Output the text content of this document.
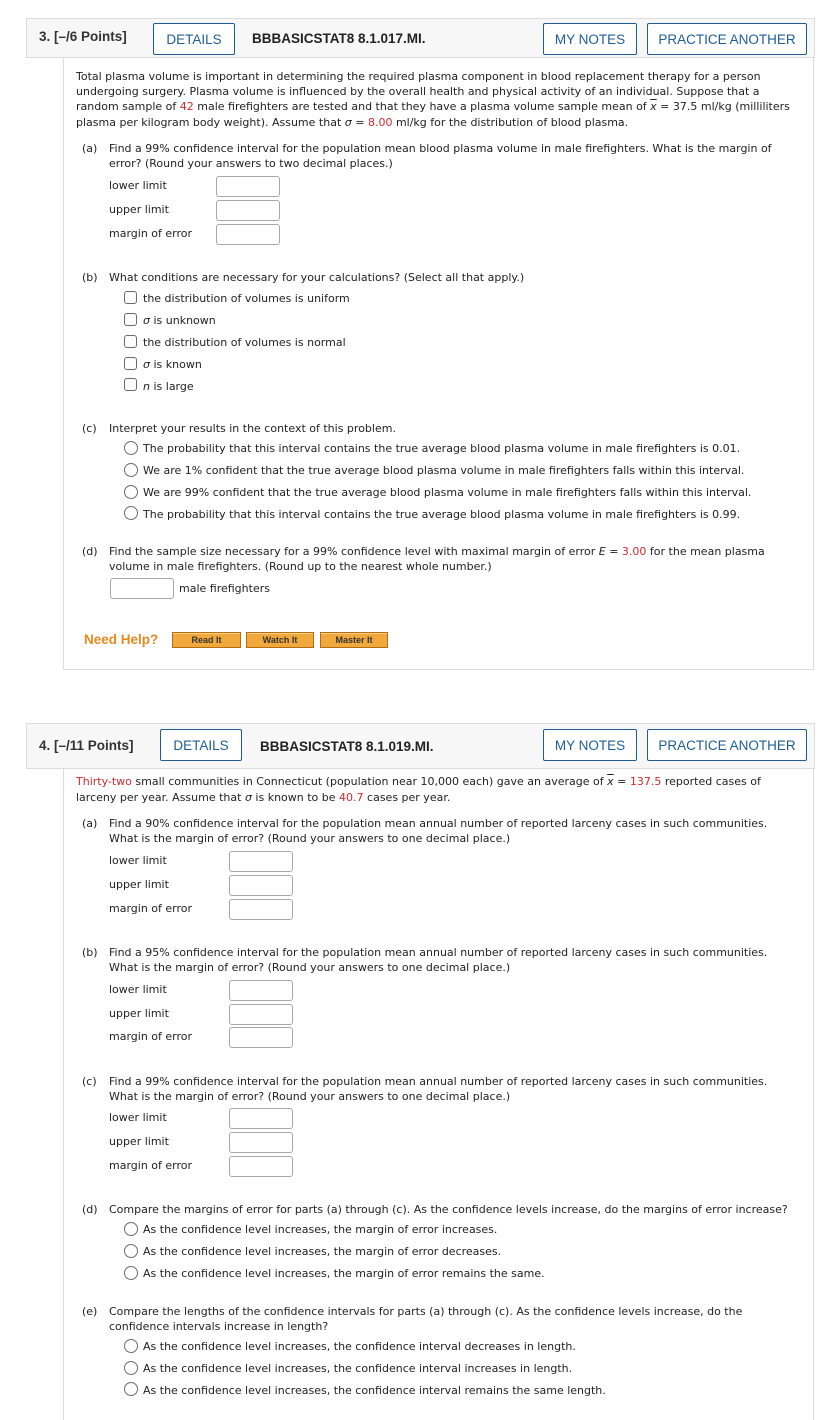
3. [–/6 Points]	DETAILS	BBBASICSTAT8 8.1.017.MI.	MY NOTES	PRACTICE ANOTHER
Total plasma volume is important in determining the required plasma component in blood replacement therapy for a person
undergoing surgery. Plasma volume is influenced by the overall health and physical activity of an individual. Suppose that a
random sample of 42 male firefighters are tested and that they have a plasma volume sample mean of $\overline{x} = 37.5$ ml/kg (milliliters
plasma per kilogram body weight). Assume that σ = 8.00 ml/kg for the distribution of blood plasma.
(a) Find a 99% confidence interval for the population mean blood plasma volume in male firefighters. What is the margin of
error? (Round your answers to two decimal places.)
lower limit
upper limit
margin of error
(b) What conditions are necessary for your calculations? (Select all that apply.)
the distribution of volumes is uniform
σ is unknown
the distribution of volumes is normal
σ is known
n is large
(c) Interpret your results in the context of this problem.
The probability that this interval contains the true average blood plasma volume in male firefighters is 0.01.
We are 1% confident that the true average blood plasma volume in male firefighters falls within this interval.
We are 99% confident that the true average blood plasma volume in male firefighters falls within this interval.
The probability that this interval contains the true average blood plasma volume in male firefighters is 0.99.
(d) Find the sample size necessary for a 99% confidence level with maximal margin of error E = 3.00 for the mean plasma
volume in male firefighters. (Round up to the nearest whole number.)
male firefighters
Need Help?	Read It	Watch It	Master It
4. [–/11 Points]	DETAILS	BBBASICSTAT8 8.1.019.MI.	MY NOTES	PRACTICE ANOTHER
Thirty-two small communities in Connecticut (population near 10,000 each) gave an average of $\overline{x} = 137.5$ reported cases of
larceny per year. Assume that σ is known to be 40.7 cases per year.
(a) Find a 90% confidence interval for the population mean annual number of reported larceny cases in such communities.
What is the margin of error? (Round your answers to one decimal place.)
lower limit
upper limit
margin of error
(b) Find a 95% confidence interval for the population mean annual number of reported larceny cases in such communities.
What is the margin of error? (Round your answers to one decimal place.)
lower limit
upper limit
margin of error
(c) Find a 99% confidence interval for the population mean annual number of reported larceny cases in such communities.
What is the margin of error? (Round your answers to one decimal place.)
lower limit
upper limit
margin of error
(d) Compare the margins of error for parts (a) through (c). As the confidence levels increase, do the margins of error increase?
As the confidence level increases, the margin of error increases.
As the confidence level increases, the margin of error decreases.
As the confidence level increases, the margin of error remains the same.
(e) Compare the lengths of the confidence intervals for parts (a) through (c). As the confidence levels increase, do the
confidence intervals increase in length?
As the confidence level increases, the confidence interval decreases in length.
As the confidence level increases, the confidence interval increases in length.
As the confidence level increases, the confidence interval remains the same length.
